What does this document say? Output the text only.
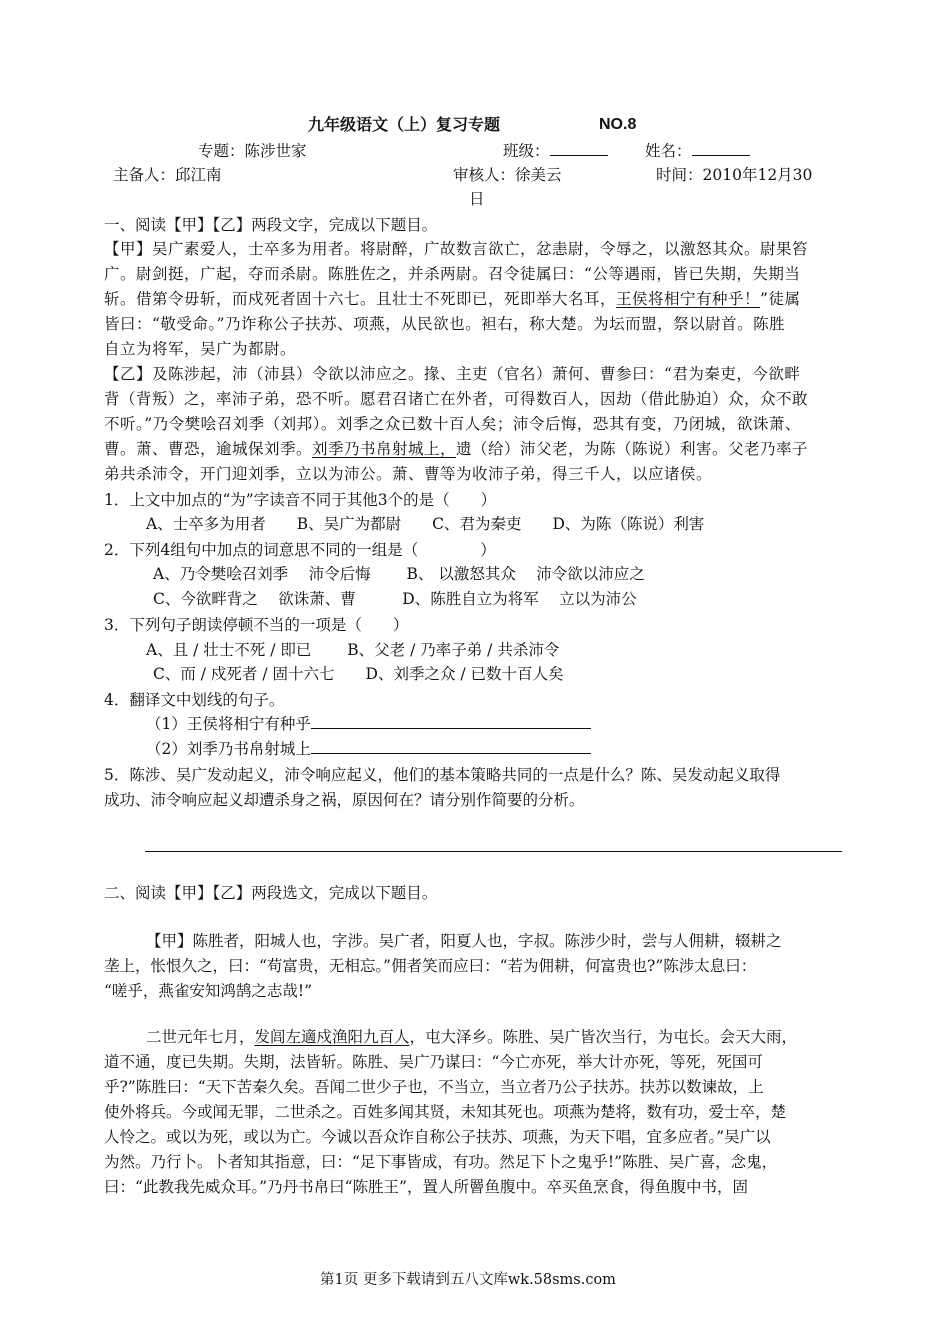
九年级语文（上）复习专题	NO.8
专题：陈涉世家	班级：	姓名：
主备人：邱江南	审核人：徐美云	时间：2010年12月30
日
一、阅读【甲】【乙】两段文字，完成以下题目。
【甲】吴广素爱人，士卒多为用者。将尉醉，广故数言欲亡，忿恚尉，令辱之，以激怒其众。尉果笞
广。尉剑挺，广起，夺而杀尉。陈胜佐之，并杀两尉。召令徒属曰：“公等遇雨，皆已失期，失期当
斩。借第令毋斩，而戍死者固十六七。且壮士不死即已，死即举大名耳，王侯将相宁有种乎！”徒属
皆曰：“敬受命。”乃诈称公子扶苏、项燕，从民欲也。袒右，称大楚。为坛而盟，祭以尉首。陈胜
自立为将军，吴广为都尉。
【乙】及陈涉起，沛（沛县）令欲以沛应之。掾、主吏（官名）萧何、曹参曰：“君为秦吏，今欲畔
背（背叛）之，率沛子弟，恐不听。愿君召诸亡在外者，可得数百人，因劫（借此胁迫）众，众不敢
不听。”乃令樊哙召刘季（刘邦）。刘季之众已数十百人矣；沛令后悔，恐其有变，乃闭城，欲诛萧、
曹。萧、曹恐，逾城保刘季。刘季乃书帛射城上，遗（给）沛父老，为陈（陈说）利害。父老乃率子
弟共杀沛令，开门迎刘季，立以为沛公。萧、曹等为收沛子弟，得三千人，以应诸侯。
1．上文中加点的“为”字读音不同于其他3个的是（　　）
A、士卒多为用者　　B、吴广为都尉　　C、君为秦吏　　D、为陈（陈说）利害
2．下列4组句中加点的词意思不同的一组是（　　　　）
A、乃令樊哙召刘季　 沛令后悔　　 B、 以激怒其众　 沛令欲以沛应之
C、今欲畔背之　 欲诛萧、曹　　　D、陈胜自立为将军　 立以为沛公
3．下列句子朗读停顿不当的一项是（　　）
A、且 / 壮士不死 / 即已　　 B、父老 / 乃率子弟 / 共杀沛令
C、而 / 戍死者 / 固十六七　　D、刘季之众 / 已数十百人矣
4．翻译文中划线的句子。
（1）王侯将相宁有种乎
（2）刘季乃书帛射城上
5．陈涉、吴广发动起义，沛令响应起义，他们的基本策略共同的一点是什么？陈、吴发动起义取得
成功、沛令响应起义却遭杀身之祸，原因何在？请分别作简要的分析。
二、阅读【甲】【乙】两段选文，完成以下题目。
【甲】陈胜者，阳城人也，字涉。吴广者，阳夏人也，字叔。陈涉少时，尝与人佣耕，辍耕之
垄上，怅恨久之，曰：“苟富贵，无相忘。”佣者笑而应曰：“若为佣耕，何富贵也?”陈涉太息曰：
“嗟乎，燕雀安知鸿鹄之志哉!”
二世元年七月，发闾左適戍渔阳九百人，屯大泽乡。陈胜、吴广皆次当行，为屯长。会天大雨，
道不通，度已失期。失期，法皆斩。陈胜、吴广乃谋曰：“今亡亦死，举大计亦死，等死，死国可
乎?”陈胜曰：“天下苦秦久矣。吾闻二世少子也，不当立，当立者乃公子扶苏。扶苏以数谏故，上
使外将兵。今或闻无罪，二世杀之。百姓多闻其贤，未知其死也。项燕为楚将，数有功，爱士卒，楚
人怜之。或以为死，或以为亡。今诚以吾众诈自称公子扶苏、项燕，为天下唱，宜多应者。”吴广以
为然。乃行卜。卜者知其指意，曰：“足下事皆成，有功。然足下卜之鬼乎!”陈胜、吴广喜，念鬼，
曰：“此教我先威众耳。”乃丹书帛曰“陈胜王”，置人所罾鱼腹中。卒买鱼烹食，得鱼腹中书，固
第1页 更多下载请到五八文库wk.58sms.com
